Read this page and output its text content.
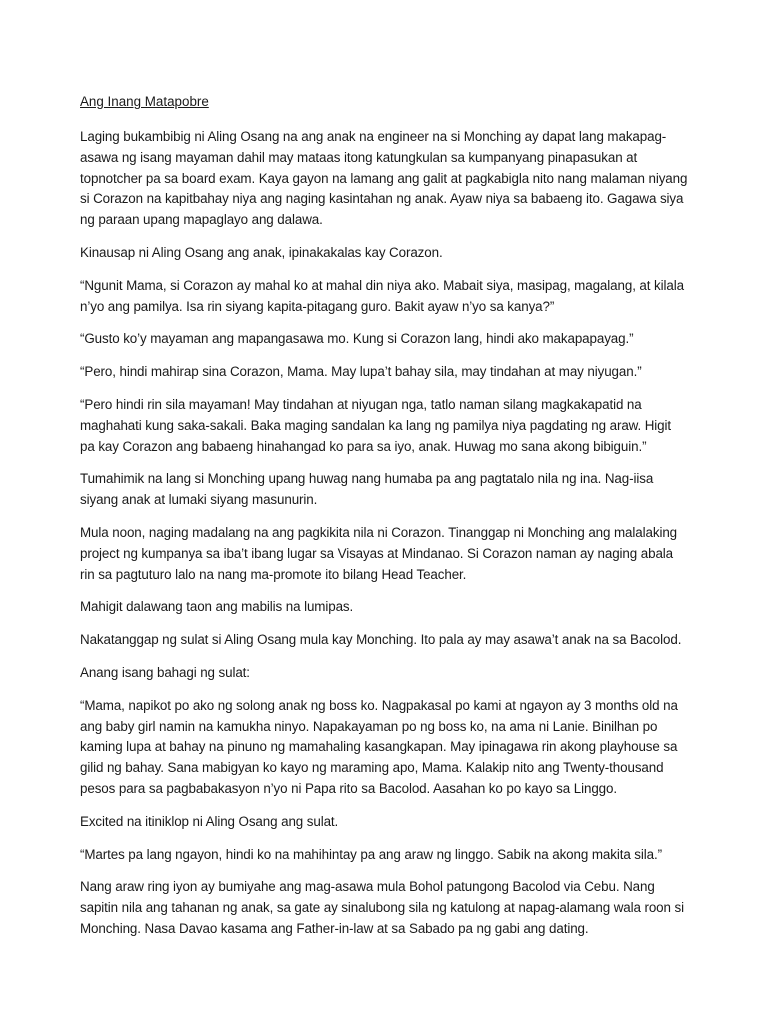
Ang Inang Matapobre

Laging bukambibig ni Aling Osang na ang anak na engineer na si Monching ay dapat lang makapag-asawa ng isang mayaman dahil may mataas itong katungkulan sa kumpanyang pinapasukan at topnotcher pa sa board exam. Kaya gayon na lamang ang galit at pagkabigla nito nang malaman niyang si Corazon na kapitbahay niya ang naging kasintahan ng anak. Ayaw niya sa babaeng ito. Gagawa siya ng paraan upang mapaglayo ang dalawa.

Kinausap ni Aling Osang ang anak, ipinakakalas kay Corazon.

“Ngunit Mama, si Corazon ay mahal ko at mahal din niya ako. Mabait siya, masipag, magalang, at kilala n’yo ang pamilya. Isa rin siyang kapita-pitagang guro. Bakit ayaw n’yo sa kanya?”

“Gusto ko’y mayaman ang mapangasawa mo. Kung si Corazon lang, hindi ako makapapayag.”

“Pero, hindi mahirap sina Corazon, Mama. May lupa’t bahay sila, may tindahan at may niyugan.”

“Pero hindi rin sila mayaman! May tindahan at niyugan nga, tatlo naman silang magkakapatid na maghahati kung saka-sakali. Baka maging sandalan ka lang ng pamilya niya pagdating ng araw. Higit pa kay Corazon ang babaeng hinahangad ko para sa iyo, anak. Huwag mo sana akong bibiguin.”

Tumahimik na lang si Monching upang huwag nang humaba pa ang pagtatalo nila ng ina. Nag-iisa siyang anak at lumaki siyang masunurin.

Mula noon, naging madalang na ang pagkikita nila ni Corazon. Tinanggap ni Monching ang malalaking project ng kumpanya sa iba’t ibang lugar sa Visayas at Mindanao. Si Corazon naman ay naging abala rin sa pagtuturo lalo na nang ma-promote ito bilang Head Teacher.

Mahigit dalawang taon ang mabilis na lumipas.

Nakatanggap ng sulat si Aling Osang mula kay Monching. Ito pala ay may asawa’t anak na sa Bacolod.

Anang isang bahagi ng sulat:

“Mama, napikot po ako ng solong anak ng boss ko. Nagpakasal po kami at ngayon ay 3 months old na ang baby girl namin na kamukha ninyo. Napakayaman po ng boss ko, na ama ni Lanie. Binilhan po kaming lupa at bahay na pinuno ng mamahaling kasangkapan. May ipinagawa rin akong playhouse sa gilid ng bahay. Sana mabigyan ko kayo ng maraming apo, Mama. Kalakip nito ang Twenty-thousand pesos para sa pagbabakasyon n’yo ni Papa rito sa Bacolod. Aasahan ko po kayo sa Linggo.

Excited na itiniklop ni Aling Osang ang sulat.

“Martes pa lang ngayon, hindi ko na mahihintay pa ang araw ng linggo. Sabik na akong makita sila.”

Nang araw ring iyon ay bumiyahe ang mag-asawa mula Bohol patungong Bacolod via Cebu. Nang sapitin nila ang tahanan ng anak, sa gate ay sinalubong sila ng katulong at napag-alamang wala roon si Monching. Nasa Davao kasama ang Father-in-law at sa Sabado pa ng gabi ang dating.
